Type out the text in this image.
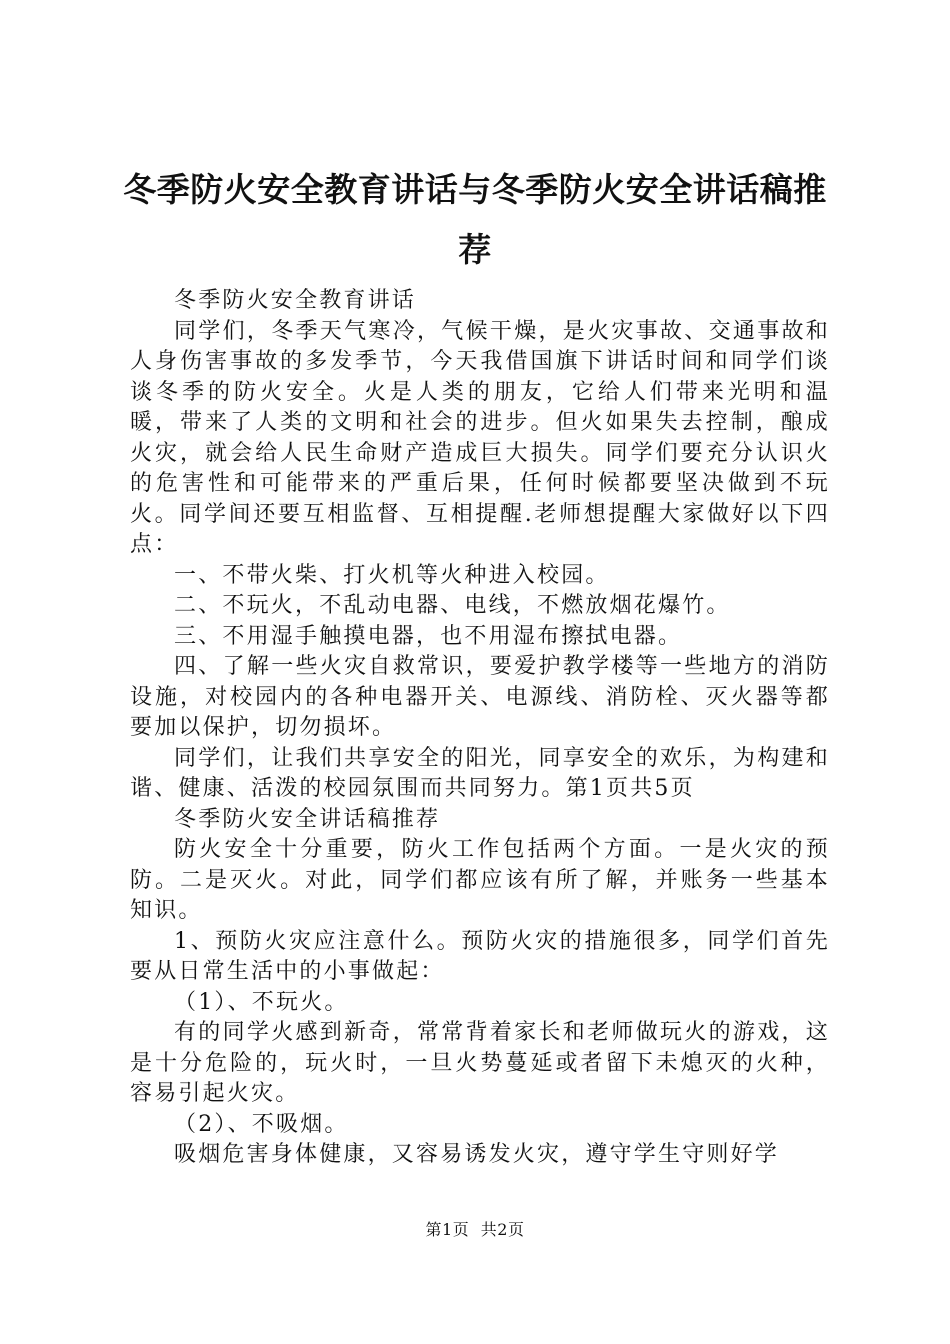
冬季防火安全教育讲话与冬季防火安全讲话稿推荐

冬季防火安全教育讲话

同学们，冬季天气寒冷，气候干燥，是火灾事故、交通事故和人身伤害事故的多发季节，今天我借国旗下讲话时间和同学们谈谈冬季的防火安全。火是人类的朋友，它给人们带来光明和温暖，带来了人类的文明和社会的进步。但火如果失去控制，酿成火灾，就会给人民生命财产造成巨大损失。同学们要充分认识火的危害性和可能带来的严重后果，任何时候都要坚决做到不玩火。同学间还要互相监督、互相提醒.老师想提醒大家做好以下四点：

一、不带火柴、打火机等火种进入校园。

二、不玩火，不乱动电器、电线，不燃放烟花爆竹。

三、不用湿手触摸电器，也不用湿布擦拭电器。

四、了解一些火灾自救常识，要爱护教学楼等一些地方的消防设施，对校园内的各种电器开关、电源线、消防栓、灭火器等都要加以保护，切勿损坏。

同学们，让我们共享安全的阳光，同享安全的欢乐，为构建和谐、健康、活泼的校园氛围而共同努力。第1页共5页

冬季防火安全讲话稿推荐

防火安全十分重要，防火工作包括两个方面。一是火灾的预防。二是灭火。对此，同学们都应该有所了解，并账务一些基本知识。

1、预防火灾应注意什么。预防火灾的措施很多，同学们首先要从日常生活中的小事做起：

（1）、不玩火。

有的同学火感到新奇，常常背着家长和老师做玩火的游戏，这是十分危险的，玩火时，一旦火势蔓延或者留下未熄灭的火种，容易引起火灾。

（2）、不吸烟。

吸烟危害身体健康，又容易诱发火灾，遵守学生守则好学

第1页 共2页
